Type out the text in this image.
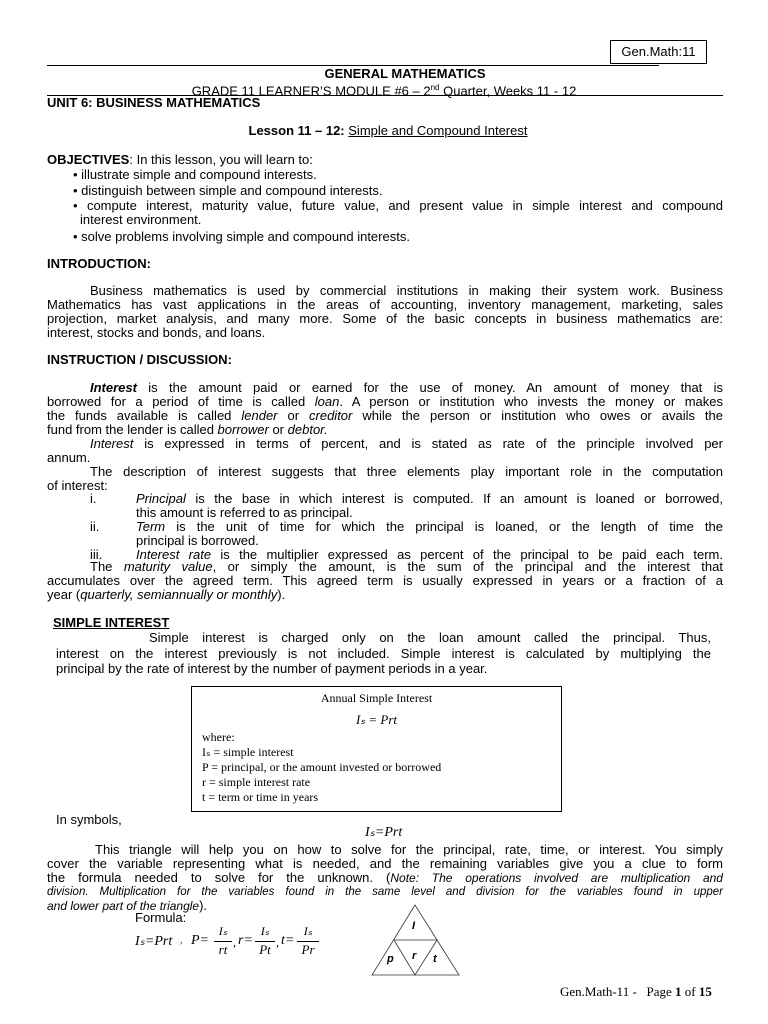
Gen.Math:11
GENERAL MATHEMATICS
GRADE 11 LEARNER’S MODULE #6 – 2nd Quarter, Weeks 11 - 12
UNIT 6: BUSINESS MATHEMATICS
Lesson 11 – 12: Simple and Compound Interest
OBJECTIVES: In this lesson, you will learn to:
• illustrate simple and compound interests.
• distinguish between simple and compound interests.
• compute interest, maturity value, future value, and present value in simple interest and compound
interest environment.
• solve problems involving simple and compound interests.
INTRODUCTION:
Business mathematics is used by commercial institutions in making their system work. Business
Mathematics has vast applications in the areas of accounting, inventory management, marketing, sales
projection, market analysis, and many more. Some of the basic concepts in business mathematics are:
interest, stocks and bonds, and loans.
INSTRUCTION / DISCUSSION:
Interest is the amount paid or earned for the use of money. An amount of money that is
borrowed for a period of time is called loan. A person or institution who invests the money or makes
the funds available is called lender or creditor while the person or institution who owes or avails the
fund from the lender is called borrower or debtor.
Interest is expressed in terms of percent, and is stated as rate of the principle involved per
annum.
The description of interest suggests that three elements play important role in the computation
of interest:
i.	Principal is the base in which interest is computed. If an amount is loaned or borrowed,
this amount is referred to as principal.
ii.	Term is the unit of time for which the principal is loaned, or the length of time the
principal is borrowed.
iii.	Interest rate is the multiplier expressed as percent of the principal to be paid each term.
The maturity value, or simply the amount, is the sum of the principal and the interest that
accumulates over the agreed term. This agreed term is usually expressed in years or a fraction of a
year (quarterly, semiannually or monthly).
SIMPLE INTEREST
Simple interest is charged only on the loan amount called the principal. Thus,
interest on the interest previously is not included. Simple interest is calculated by multiplying the
principal by the rate of interest by the number of payment periods in a year.
Annual Simple Interest
Iₛ = Prt
where:
Iₛ = simple interest
P = principal, or the amount invested or borrowed
r = simple interest rate
t = term or time in years
In symbols,
Iₛ=Prt
This triangle will help you on how to solve for the principal, rate, time, or interest. You simply
cover the variable representing what is needed, and the remaining variables give you a clue to form
the formula needed to solve for the unknown. (Note: The operations involved are multiplication and
division. Multiplication for the variables found in the same level and division for the variables found in upper
and lower part of the triangle).
Formula:
Iₛ=Prt , P=
Iₛ
rt , r=
Iₛ
Pt , t=
Iₛ
Pr
I
p r t
Gen.Math-11 -   Page 1 of 15
